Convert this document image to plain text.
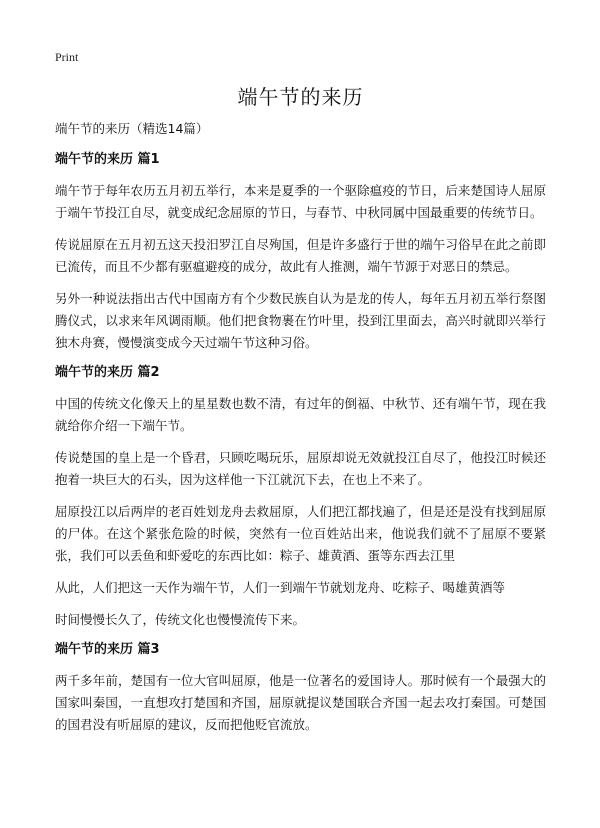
Print
端午节的来历
端午节的来历（精选14篇）
端午节的来历 篇1

端午节于每年农历五月初五举行，本来是夏季的一个驱除瘟疫的节日，后来楚国诗人屈原于端午节投江自尽，就变成纪念屈原的节日，与春节、中秋同属中国最重要的传统节日。

传说屈原在五月初五这天投汨罗江自尽殉国，但是许多盛行于世的端午习俗早在此之前即已流传，而且不少都有驱瘟避疫的成分，故此有人推测，端午节源于对恶日的禁忌。

另外一种说法指出古代中国南方有个少数民族自认为是龙的传人，每年五月初五举行祭图腾仪式，以求来年风调雨顺。他们把食物裹在竹叶里，投到江里面去，高兴时就即兴举行独木舟赛，慢慢演变成今天过端午节这种习俗。

端午节的来历 篇2

中国的传统文化像天上的星星数也数不清，有过年的倒福、中秋节、还有端午节，现在我就给你介绍一下端午节。

传说楚国的皇上是一个昏君，只顾吃喝玩乐，屈原却说无效就投江自尽了，他投江时候还抱着一块巨大的石头，因为这样他一下江就沉下去，在也上不来了。

屈原投江以后两岸的老百姓划龙舟去救屈原，人们把江都找遍了，但是还是没有找到屈原的尸体。在这个紧张危险的时候，突然有一位百姓站出来，他说我们就不了屈原不要紧张，我们可以丢鱼和虾爱吃的东西比如：粽子、雄黄酒、蛋等东西去江里

从此，人们把这一天作为端午节，人们一到端午节就划龙舟、吃粽子、喝雄黄酒等

时间慢慢长久了，传统文化也慢慢流传下来。

端午节的来历 篇3

两千多年前，楚国有一位大官叫屈原，他是一位著名的爱国诗人。那时候有一个最强大的国家叫秦国，一直想攻打楚国和齐国，屈原就提议楚国联合齐国一起去攻打秦国。可楚国的国君没有听屈原的建议，反而把他贬官流放。
